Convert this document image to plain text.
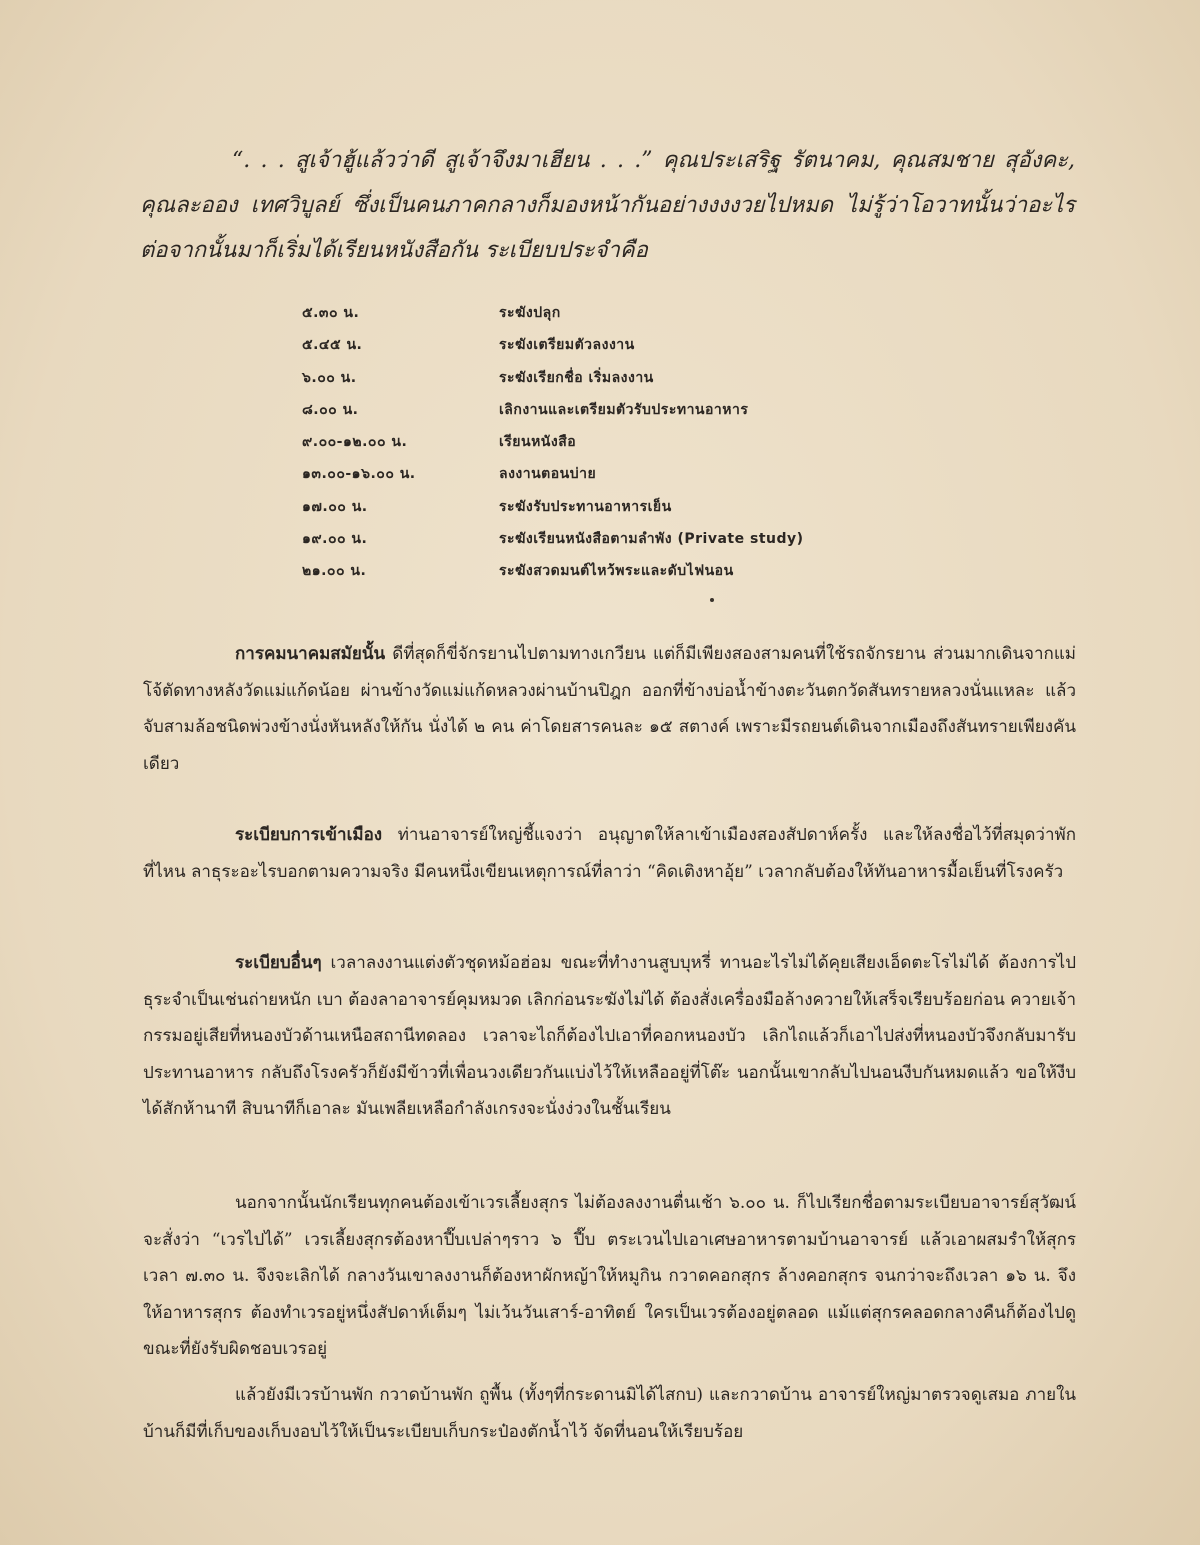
“. . . สูเจ้าฮู้แล้วว่าดี สูเจ้าจึงมาเฮียน . . .” คุณประเสริฐ รัตนาคม, คุณสมชาย สุอังคะ, คุณละออง เทศวิบูลย์ ซึ่งเป็นคนภาคกลางก็มองหน้ากันอย่างงงงวยไปหมด ไม่รู้ว่าโอวาทนั้นว่าอะไร ต่อจากนั้นมาก็เริ่มได้เรียนหนังสือกัน ระเบียบประจำคือ
๕.๓๐ น.	ระฆังปลุก
๕.๔๕ น.	ระฆังเตรียมตัวลงงาน
๖.๐๐ น.	ระฆังเรียกชื่อ เริ่มลงงาน
๘.๐๐ น.	เลิกงานและเตรียมตัวรับประทานอาหาร
๙.๐๐-๑๒.๐๐ น.	เรียนหนังสือ
๑๓.๐๐-๑๖.๐๐ น.	ลงงานตอนบ่าย
๑๗.๐๐ น.	ระฆังรับประทานอาหารเย็น
๑๙.๐๐ น.	ระฆังเรียนหนังสือตามลำพัง (Private study)
๒๑.๐๐ น.	ระฆังสวดมนต์ไหว้พระและดับไฟนอน
การคมนาคมสมัยนั้น ดีที่สุดก็ขี่จักรยานไปตามทางเกวียน แต่ก็มีเพียงสองสามคนที่ใช้รถจักรยาน ส่วนมากเดินจากแม่โจ้ตัดทางหลังวัดแม่แก้ดน้อย ผ่านข้างวัดแม่แก้ดหลวงผ่านบ้านปิฎก ออกที่ข้างบ่อน้ำข้างตะวันตกวัดสันทรายหลวงนั่นแหละ แล้วจับสามล้อชนิดพ่วงข้างนั่งหันหลังให้กัน นั่งได้ ๒ คน ค่าโดยสารคนละ ๑๕ สตางค์ เพราะมีรถยนต์เดินจากเมืองถึงสันทรายเพียงคันเดียว
ระเบียบการเข้าเมือง ท่านอาจารย์ใหญ่ชี้แจงว่า อนุญาตให้ลาเข้าเมืองสองสัปดาห์ครั้ง และให้ลงชื่อไว้ที่สมุดว่าพักที่ไหน ลาธุระอะไรบอกตามความจริง มีคนหนึ่งเขียนเหตุการณ์ที่ลาว่า “คิดเติงหาอุ้ย” เวลากลับต้องให้ทันอาหารมื้อเย็นที่โรงครัว
ระเบียบอื่นๆ เวลาลงงานแต่งตัวชุดหม้อฮ่อม ขณะที่ทำงานสูบบุหรี่ ทานอะไรไม่ได้คุยเสียงเอ็ดตะโรไม่ได้ ต้องการไปธุระจำเป็นเช่นถ่ายหนัก เบา ต้องลาอาจารย์คุมหมวด เลิกก่อนระฆังไม่ได้ ต้องสั่งเครื่องมือล้างควายให้เสร็จเรียบร้อยก่อน ควายเจ้ากรรมอยู่เสียที่หนองบัวด้านเหนือสถานีทดลอง เวลาจะไถก็ต้องไปเอาที่คอกหนองบัว เลิกไถแล้วก็เอาไปส่งที่หนองบัวจึงกลับมารับประทานอาหาร กลับถึงโรงครัวก็ยังมีข้าวที่เพื่อนวงเดียวกันแบ่งไว้ให้เหลืออยู่ที่โต๊ะ นอกนั้นเขากลับไปนอนงีบกันหมดแล้ว ขอให้งีบได้สักห้านาที สิบนาทีก็เอาละ มันเพลียเหลือกำลังเกรงจะนั่งง่วงในชั้นเรียน
นอกจากนั้นนักเรียนทุกคนต้องเข้าเวรเลี้ยงสุกร ไม่ต้องลงงานตื่นเช้า ๖.๐๐ น. ก็ไปเรียกชื่อตามระเบียบอาจารย์สุวัฒน์จะสั่งว่า “เวรไปได้” เวรเลี้ยงสุกรต้องหาปี๊บเปล่าๆราว ๖ ปี๊บ ตระเวนไปเอาเศษอาหารตามบ้านอาจารย์ แล้วเอาผสมรำให้สุกร เวลา ๗.๓๐ น. จึงจะเลิกได้ กลางวันเขาลงงานก็ต้องหาผักหญ้าให้หมูกิน กวาดคอกสุกร ล้างคอกสุกร จนกว่าจะถึงเวลา ๑๖ น. จึงให้อาหารสุกร ต้องทำเวรอยู่หนึ่งสัปดาห์เต็มๆ ไม่เว้นวันเสาร์-อาทิตย์ ใครเป็นเวรต้องอยู่ตลอด แม้แต่สุกรคลอดกลางคืนก็ต้องไปดู ขณะที่ยังรับผิดชอบเวรอยู่
แล้วยังมีเวรบ้านพัก กวาดบ้านพัก ถูพื้น (ทั้งๆที่กระดานมิได้ไสกบ) และกวาดบ้าน อาจารย์ใหญ่มาตรวจดูเสมอ ภายในบ้านก็มีที่เก็บของเก็บงอบไว้ให้เป็นระเบียบเก็บกระป๋องตักน้ำไว้ จัดที่นอนให้เรียบร้อย
